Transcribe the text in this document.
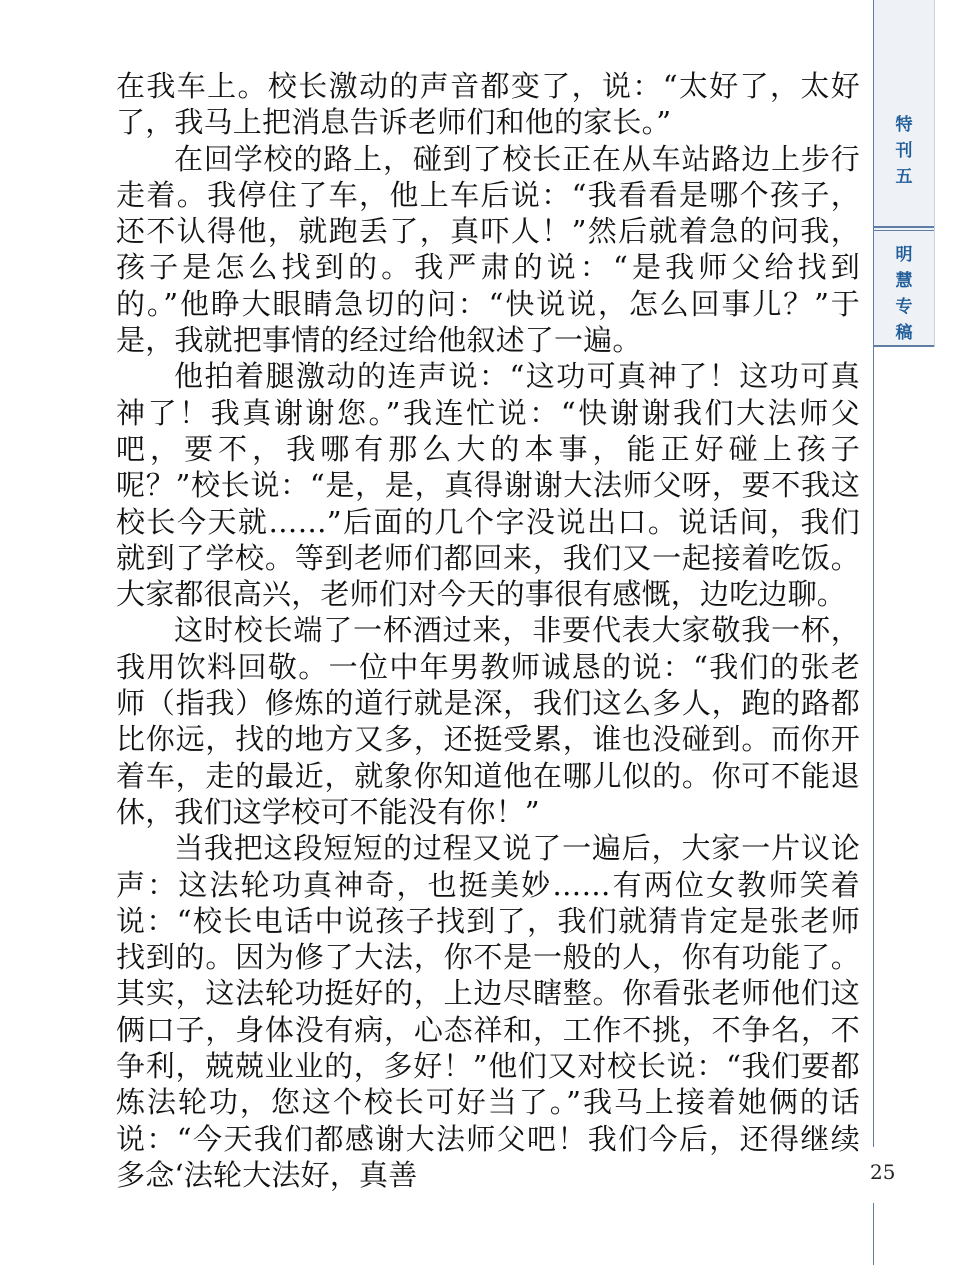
在我车上。校长激动的声音都变了，说：“太好了，太好了，我马上把消息告诉老师们和他的家长。”

在回学校的路上，碰到了校长正在从车站路边上步行走着。我停住了车，他上车后说：“我看看是哪个孩子，还不认得他，就跑丢了，真吓人！”然后就着急的问我，孩子是怎么找到的。我严肃的说：“是我师父给找到的。”他睁大眼睛急切的问：“快说说，怎么回事儿？”于是，我就把事情的经过给他叙述了一遍。

他拍着腿激动的连声说：“这功可真神了！这功可真神了！我真谢谢您。”我连忙说：“快谢谢我们大法师父吧，要不，我哪有那么大的本事，能正好碰上孩子呢？”校长说：“是，是，真得谢谢大法师父呀，要不我这校长今天就……”后面的几个字没说出口。说话间，我们就到了学校。等到老师们都回来，我们又一起接着吃饭。大家都很高兴，老师们对今天的事很有感慨，边吃边聊。

这时校长端了一杯酒过来，非要代表大家敬我一杯，我用饮料回敬。一位中年男教师诚恳的说：“我们的张老师（指我）修炼的道行就是深，我们这么多人，跑的路都比你远，找的地方又多，还挺受累，谁也没碰到。而你开着车，走的最近，就象你知道他在哪儿似的。你可不能退休，我们这学校可不能没有你！”

当我把这段短短的过程又说了一遍后，大家一片议论声：这法轮功真神奇，也挺美妙……有两位女教师笑着说：“校长电话中说孩子找到了，我们就猜肯定是张老师找到的。因为修了大法，你不是一般的人，你有功能了。其实，这法轮功挺好的，上边尽瞎整。你看张老师他们这俩口子，身体没有病，心态祥和，工作不挑，不争名，不争利，兢兢业业的，多好！”他们又对校长说：“我们要都炼法轮功，您这个校长可好当了。”我马上接着她俩的话说：“今天我们都感谢大法师父吧！我们今后，还得继续多念‘法轮大法好，真善

特
刊
五
明
慧
专
稿
25
